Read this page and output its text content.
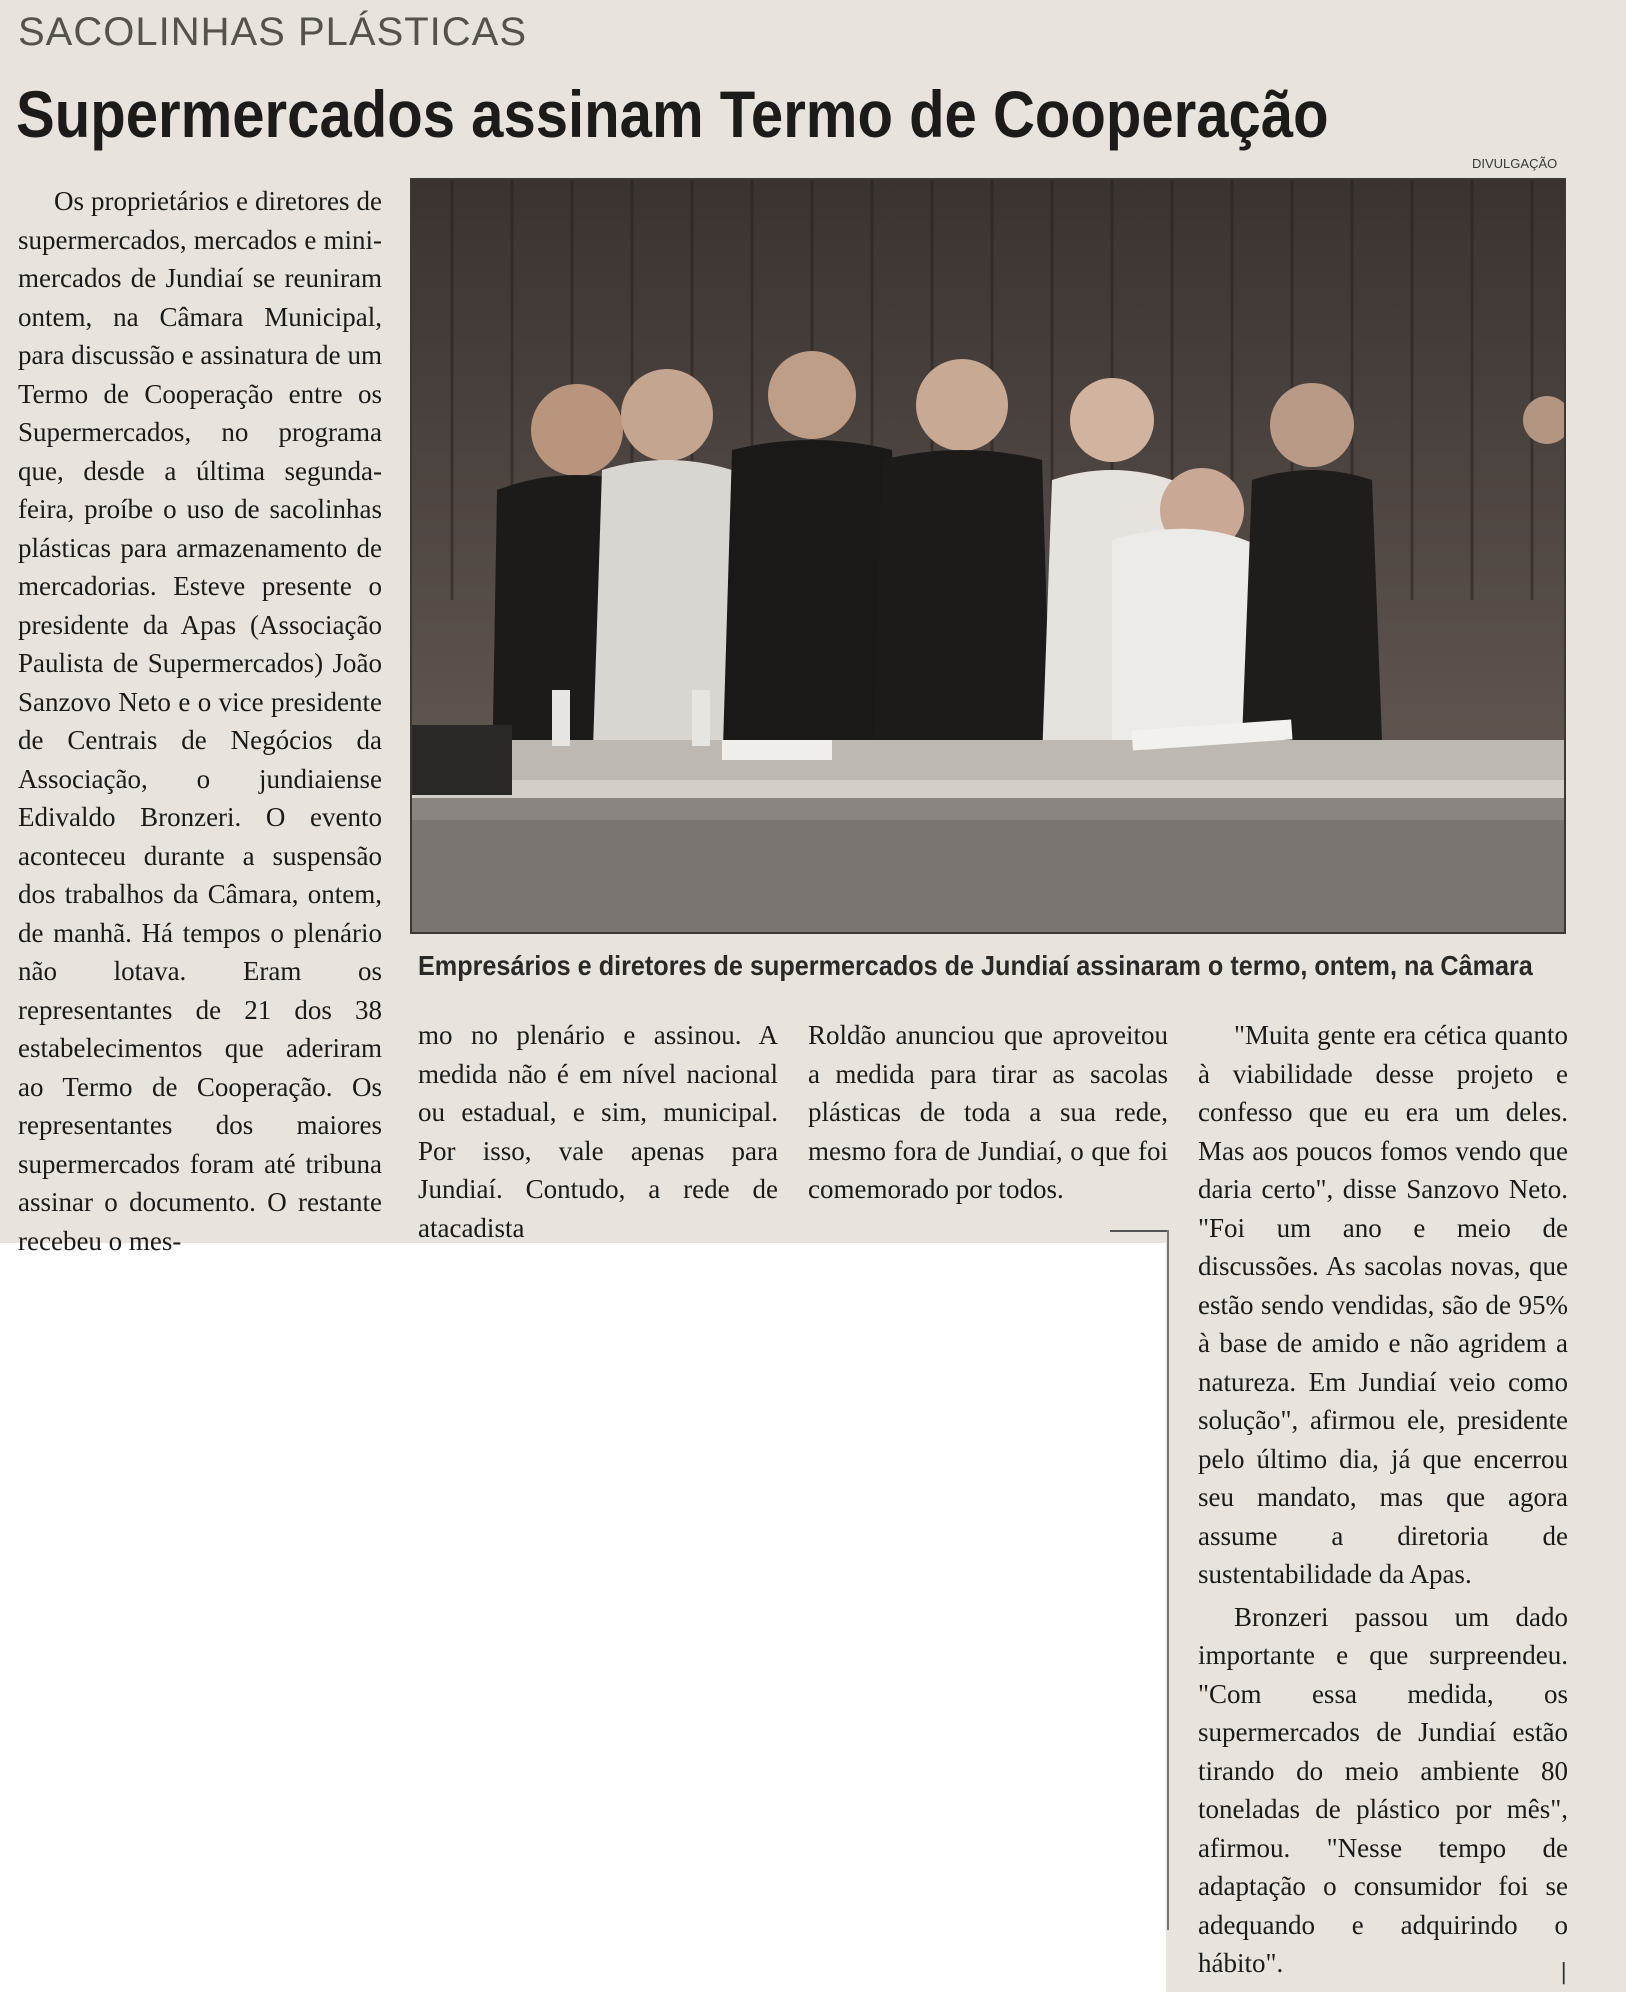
SACOLINHAS PLÁSTICAS
Supermercados assinam Termo de Cooperação
DIVULGAÇÃO
Empresários e diretores de supermercados de Jundiaí assinaram o termo, ontem, na Câmara

Os proprietários e diretores de supermercados, mercados e mini-mercados de Jundiaí se reuniram ontem, na Câmara Municipal, para discussão e assinatura de um Termo de Cooperação entre os Supermercados, no programa que, desde a última segunda-feira, proíbe o uso de sacolinhas plásticas para armazenamento de mercadorias. Esteve presente o presidente da Apas (Associação Paulista de Supermercados) João Sanzovo Neto e o vice presidente de Centrais de Negócios da Associação, o jundiaiense Edivaldo Bronzeri. O evento aconteceu durante a suspensão dos trabalhos da Câmara, ontem, de manhã. Há tempos o plenário não lotava. Eram os representantes de 21 dos 38 estabelecimentos que aderiram ao Termo de Cooperação. Os representantes dos maiores supermercados foram até tribuna assinar o documento. O restante recebeu o mes-

mo no plenário e assinou. A medida não é em nível nacional ou estadual, e sim, municipal. Por isso, vale apenas para Jundiaí. Contudo, a rede de atacadista

Roldão anunciou que aproveitou a medida para tirar as sacolas plásticas de toda a sua rede, mesmo fora de Jundiaí, o que foi comemorado por todos.

"Muita gente era cética quanto à viabilidade desse projeto e confesso que eu era um deles. Mas aos poucos fomos vendo que daria certo", disse Sanzovo Neto. "Foi um ano e meio de discussões. As sacolas novas, que estão sendo vendidas, são de 95% à base de amido e não agridem a natureza. Em Jundiaí veio como solução", afirmou ele, presidente pelo último dia, já que encerrou seu mandato, mas que agora assume a diretoria de sustentabilidade da Apas.

Bronzeri passou um dado importante e que surpreendeu. "Com essa medida, os supermercados de Jundiaí estão tirando do meio ambiente 80 toneladas de plástico por mês", afirmou. "Nesse tempo de adaptação o consumidor foi se adequando e adquirindo o hábito".	|
